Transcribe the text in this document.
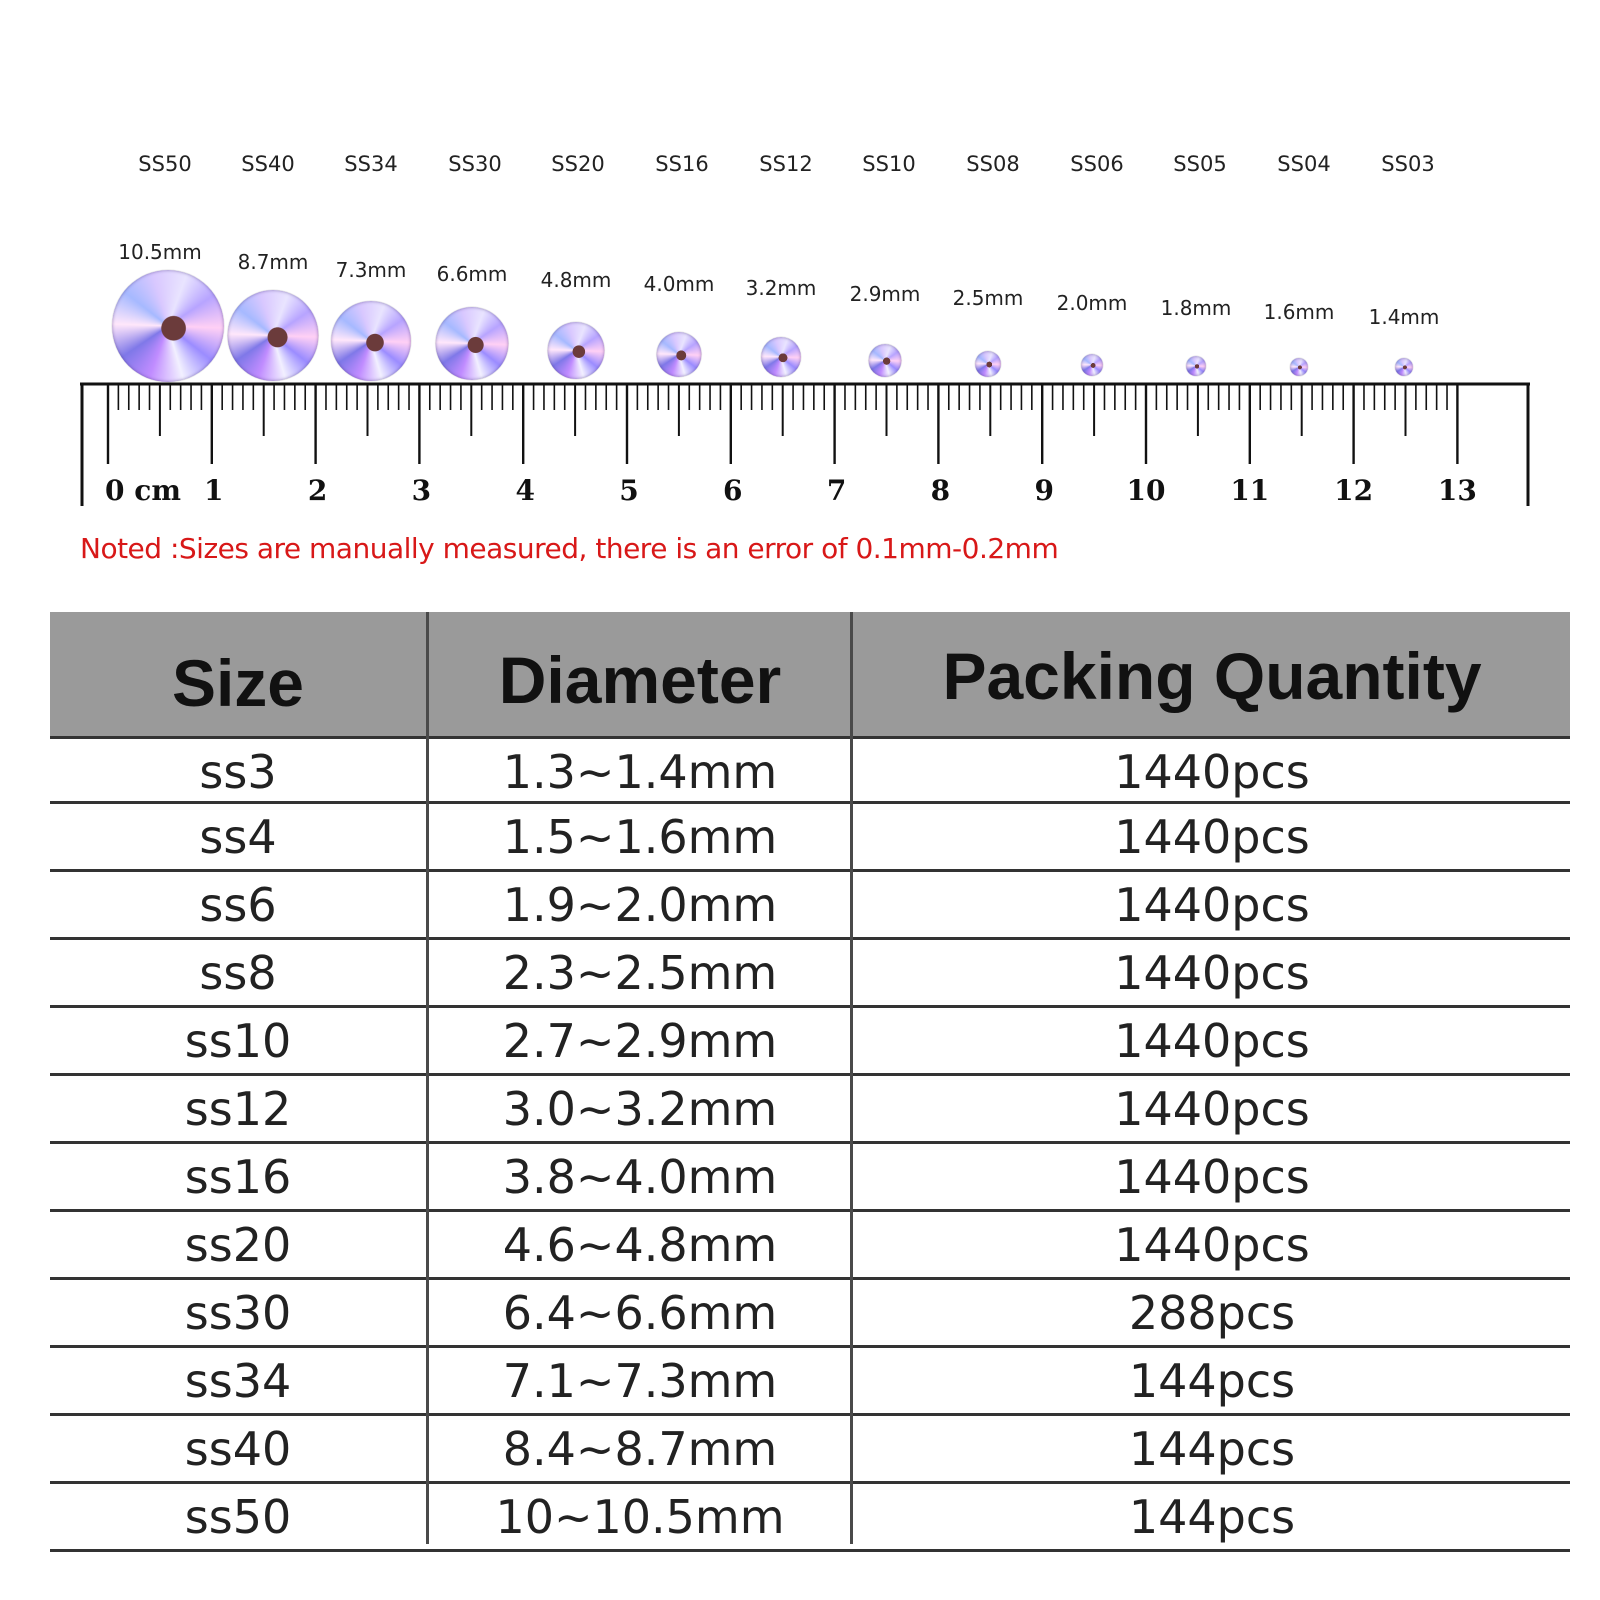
SS50 SS40 SS34 SS30 SS20 SS16 SS12 SS10 SS08 SS06 SS05 SS04 SS03
10.5mm 8.7mm 7.3mm 6.6mm 4.8mm 4.0mm 3.2mm 2.9mm 2.5mm 2.0mm 1.8mm 1.6mm 1.4mm
0 cm 1	2	3	4	5	6	7	8	9	10 11 12 13
Noted :Sizes are manually measured, there is an error of 0.1mm-0.2mm
Size	Diameter	Packing Quantity
ss3	1.3~1.4mm	1440pcs
ss4	1.5~1.6mm	1440pcs
ss6	1.9~2.0mm	1440pcs
ss8	2.3~2.5mm	1440pcs
ss10	2.7~2.9mm	1440pcs
ss12	3.0~3.2mm	1440pcs
ss16	3.8~4.0mm	1440pcs
ss20	4.6~4.8mm	1440pcs
ss30	6.4~6.6mm	288pcs
ss34	7.1~7.3mm	144pcs
ss40	8.4~8.7mm	144pcs
ss50	10~10.5mm	144pcs
